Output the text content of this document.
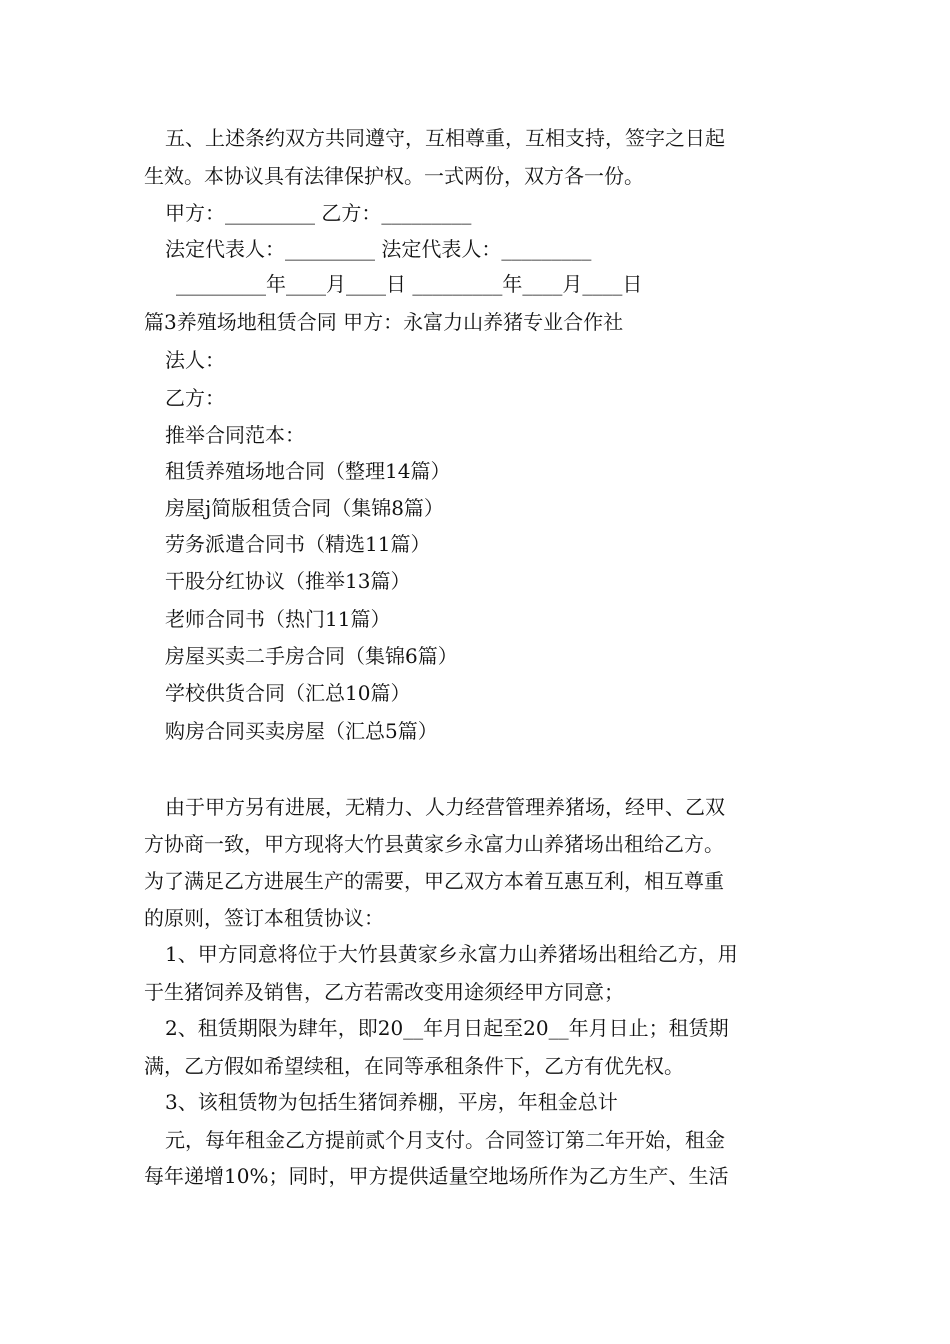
五、上述条约双方共同遵守，互相尊重，互相支持，签字之日起
生效。本协议具有法律保护权。一式两份，双方各一份。
甲方：_________ 乙方：_________
法定代表人：_________ 法定代表人：_________
_________年____月____日 _________年____月____日
篇3养殖场地租赁合同 甲方：永富力山养猪专业合作社
法人：
乙方：
推举合同范本：
租赁养殖场地合同（整理14篇）
房屋j简版租赁合同（集锦8篇）
劳务派遣合同书（精选11篇）
干股分红协议（推举13篇）
老师合同书（热门11篇）
房屋买卖二手房合同（集锦6篇）
学校供货合同（汇总10篇）
购房合同买卖房屋（汇总5篇）
由于甲方另有进展，无精力、人力经营管理养猪场，经甲、乙双
方协商一致，甲方现将大竹县黄家乡永富力山养猪场出租给乙方。
为了满足乙方进展生产的需要，甲乙双方本着互惠互利，相互尊重
的原则，签订本租赁协议：
1、甲方同意将位于大竹县黄家乡永富力山养猪场出租给乙方，用
于生猪饲养及销售，乙方若需改变用途须经甲方同意；
2、租赁期限为肆年，即20__年月日起至20__年月日止；租赁期
满，乙方假如希望续租，在同等承租条件下，乙方有优先权。
3、该租赁物为包括生猪饲养棚，平房，年租金总计
元，每年租金乙方提前贰个月支付。合同签订第二年开始，租金
每年递增10%；同时，甲方提供适量空地场所作为乙方生产、生活
